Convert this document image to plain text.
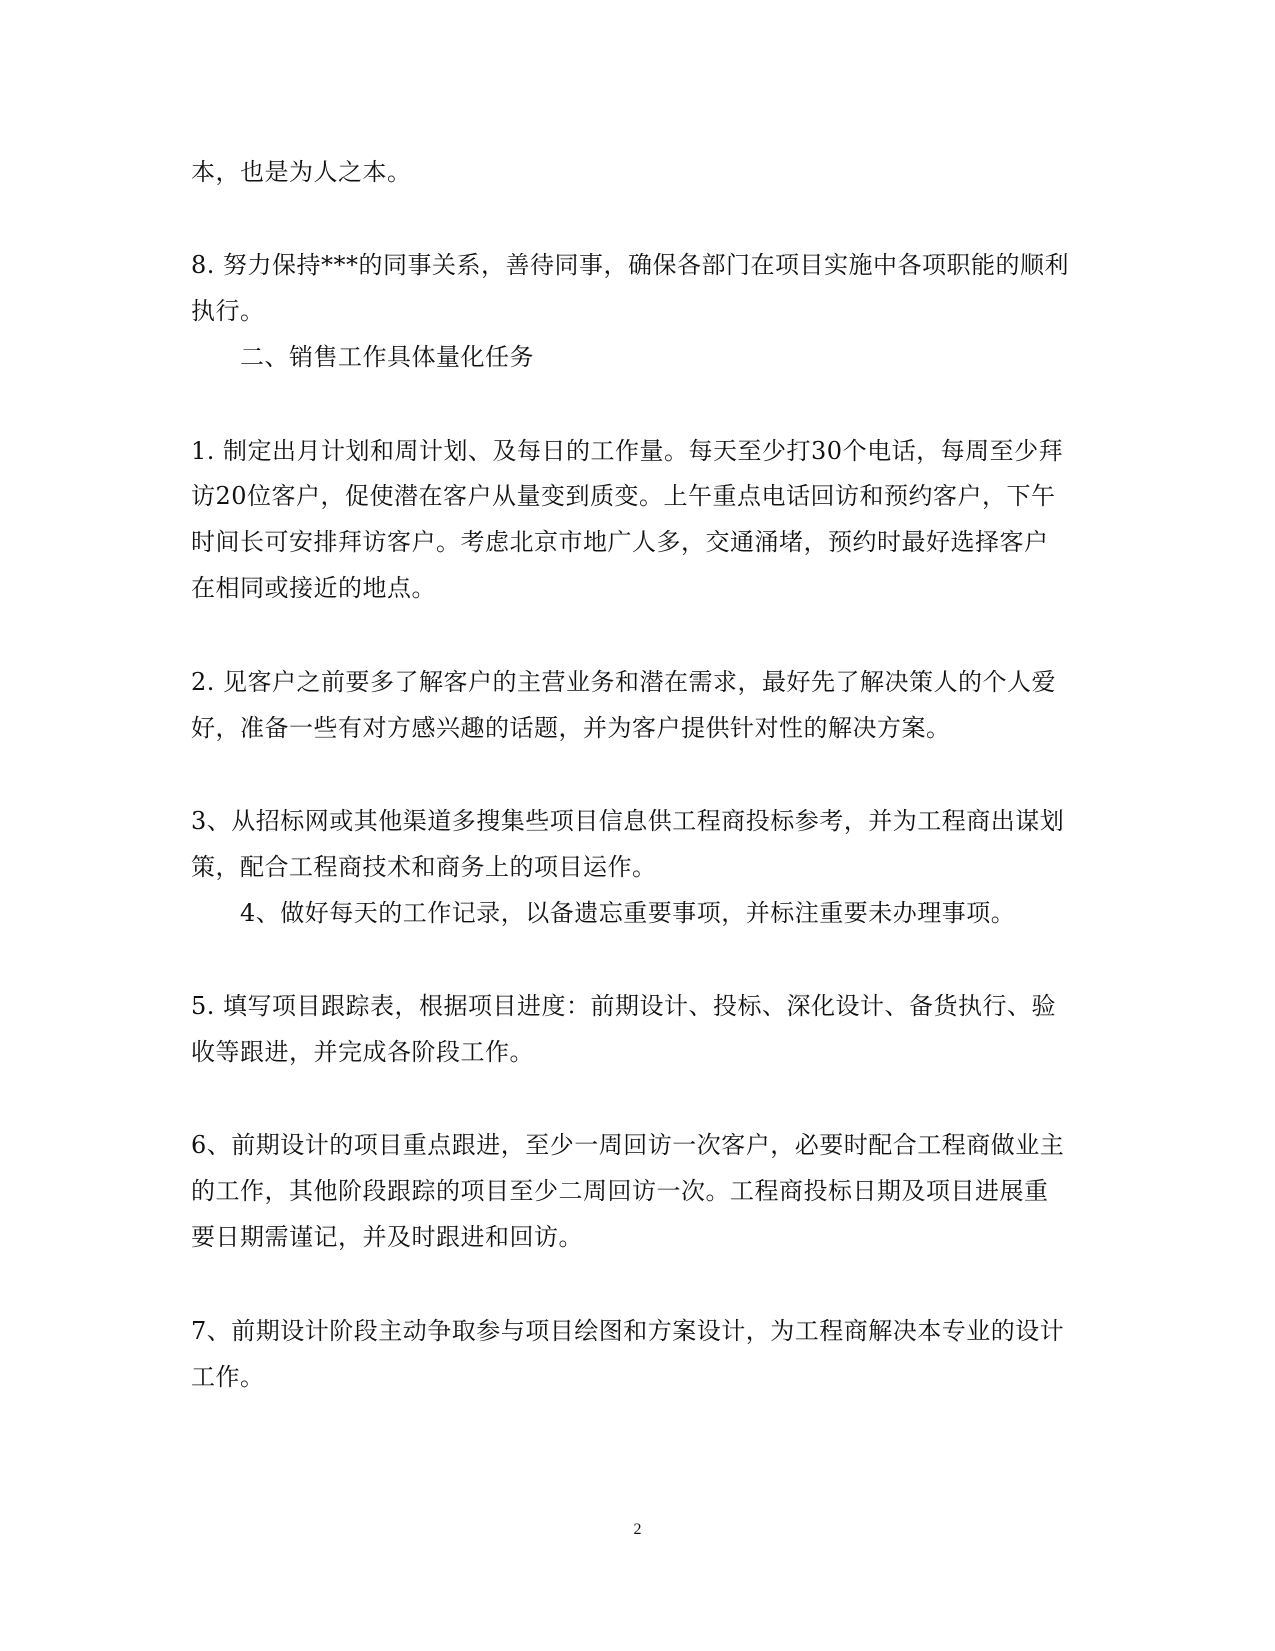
本，也是为人之本。
8. 努力保持***的同事关系，善待同事，确保各部门在项目实施中各项职能的顺利
执行。
二、销售工作具体量化任务
1. 制定出月计划和周计划、及每日的工作量。每天至少打30个电话，每周至少拜
访20位客户，促使潜在客户从量变到质变。上午重点电话回访和预约客户，下午
时间长可安排拜访客户。考虑北京市地广人多，交通涌堵，预约时最好选择客户
在相同或接近的地点。
2. 见客户之前要多了解客户的主营业务和潜在需求，最好先了解决策人的个人爱
好，准备一些有对方感兴趣的话题，并为客户提供针对性的解决方案。
3、从招标网或其他渠道多搜集些项目信息供工程商投标参考，并为工程商出谋划
策，配合工程商技术和商务上的项目运作。
4、做好每天的工作记录，以备遗忘重要事项，并标注重要未办理事项。
5. 填写项目跟踪表，根据项目进度：前期设计、投标、深化设计、备货执行、验
收等跟进，并完成各阶段工作。
6、前期设计的项目重点跟进，至少一周回访一次客户，必要时配合工程商做业主
的工作，其他阶段跟踪的项目至少二周回访一次。工程商投标日期及项目进展重
要日期需谨记，并及时跟进和回访。
7、前期设计阶段主动争取参与项目绘图和方案设计，为工程商解决本专业的设计
工作。
2
